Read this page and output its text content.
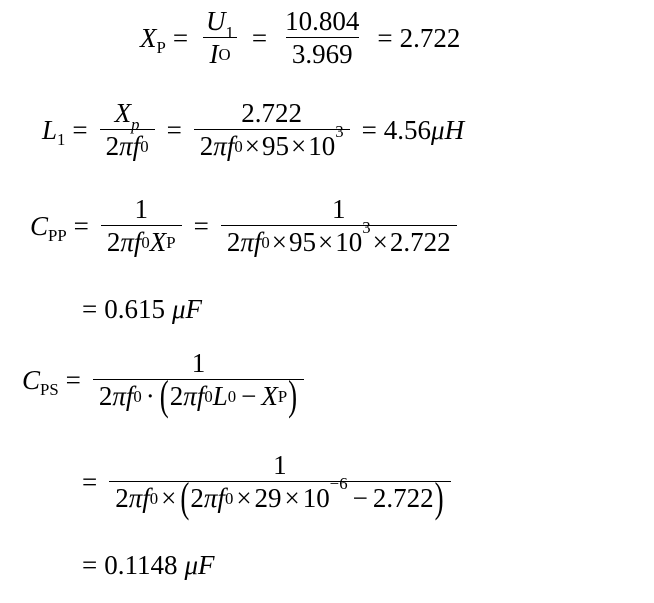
$X_P = \frac{U 1}{\text{I O}} = \frac{10.804}{3.969} = 2.722$
$L_1 = \frac{\text{X p}}{\text{2 π f 0}} = \frac{2.722}{\text{2 π f 0 × 95 × 10 3}} = 4.56$ μ H
$C_{PP} = \frac{1}{\text{2 π f 0 X P}} = \frac{1}{\text{2 π f 0 × 95 × 10 3 × 2.722}}$
= 0.615 μ F
$C_{PS} = \frac{1}{\text{2 π f 0 · ( 2 π f 0 L 0 − X P )}}$
= $\frac{1}{\text{2 π f 0 × ( 2 π f 0 × 29 × 10 −6 − 2.722 )}}$
= 0.1148 μ F
